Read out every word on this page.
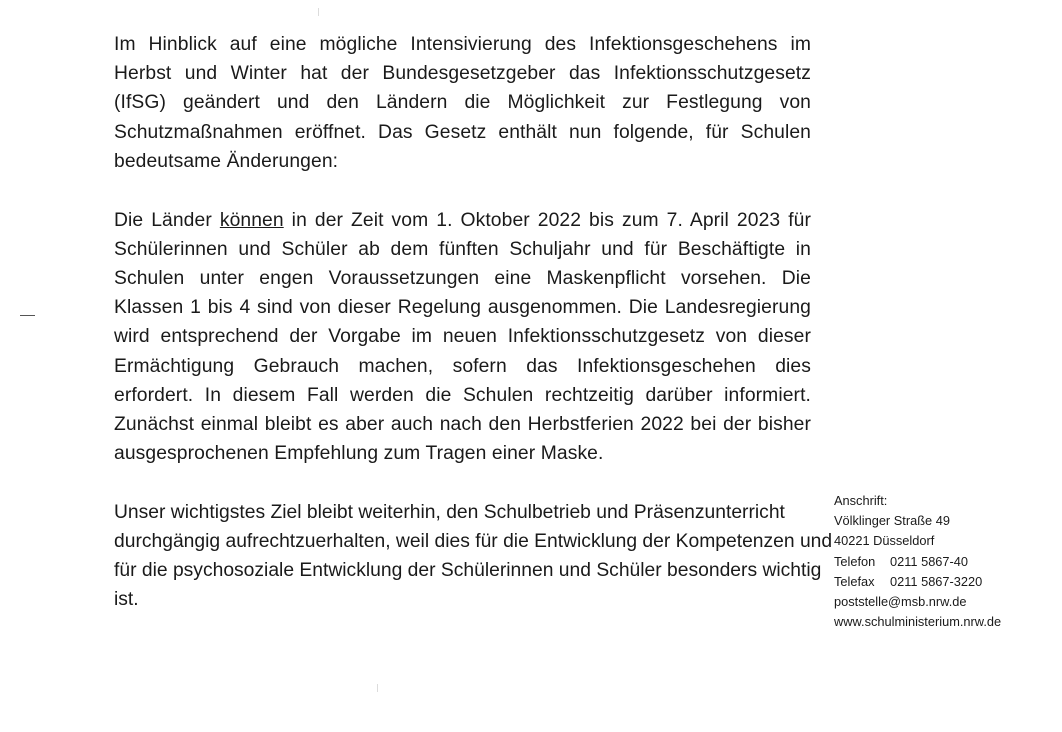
Im Hinblick auf eine mögliche Intensivierung des Infektionsgeschehens im Herbst und Winter hat der Bundesgesetzgeber das Infektionsschutzgesetz (IfSG) geändert und den Ländern die Möglichkeit zur Festlegung von Schutzmaßnahmen eröffnet. Das Gesetz enthält nun folgende, für Schulen bedeutsame Änderungen:

Die Länder können in der Zeit vom 1. Oktober 2022 bis zum 7. April 2023 für Schülerinnen und Schüler ab dem fünften Schuljahr und für Beschäftigte in Schulen unter engen Voraussetzungen eine Maskenpflicht vorsehen. Die Klassen 1 bis 4 sind von dieser Regelung ausgenommen. Die Landesregierung wird entsprechend der Vorgabe im neuen Infektionsschutzgesetz von dieser Ermächtigung Gebrauch machen, sofern das Infektionsgeschehen dies erfordert. In diesem Fall werden die Schulen rechtzeitig darüber informiert. Zunächst einmal bleibt es aber auch nach den Herbstferien 2022 bei der bisher ausgesprochenen Empfehlung zum Tragen einer Maske.

Unser wichtigstes Ziel bleibt weiterhin, den Schulbetrieb und Präsenzunterricht durchgängig aufrechtzuerhalten, weil dies für die Entwicklung der Kompetenzen und für die psychosoziale Entwicklung der Schülerinnen und Schüler besonders wichtig ist.

Anschrift:
Völklinger Straße 49
40221 Düsseldorf
Telefon 0211 5867-40
Telefax 0211 5867-3220
poststelle@msb.nrw.de
www.schulministerium.nrw.de
